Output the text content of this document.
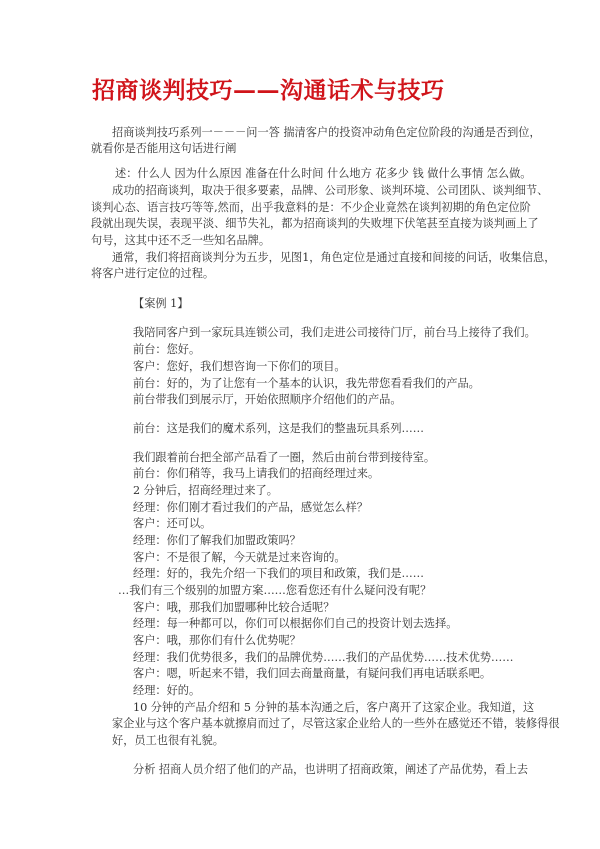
招商谈判技巧——沟通话术与技巧
招商谈判技巧系列一－－－问一答 揣清客户的投资冲动角色定位阶段的沟通是否到位，
就看你是否能用这句话进行阐
述：什么人 因为什么原因 准备在什么时间 什么地方 花多少 钱 做什么事情 怎么做。
成功的招商谈判，取决于很多要素，品牌、公司形象、谈判环境、公司团队、谈判细节、
谈判心态、语言技巧等等,然而，出乎我意料的是：不少企业竟然在谈判初期的角色定位阶
段就出现失误，表现平淡、细节失礼，都为招商谈判的失败埋下伏笔甚至直接为谈判画上了
句号，这其中还不乏一些知名品牌。
通常，我们将招商谈判分为五步，见图1，角色定位是通过直接和间接的问话，收集信息，
将客户进行定位的过程。
【案例 1】
我陪同客户到一家玩具连锁公司，我们走进公司接待门厅，前台马上接待了我们。
前台：您好。
客户：您好，我们想咨询一下你们的项目。
前台：好的，为了让您有一个基本的认识，我先带您看看我们的产品。
前台带我们到展示厅，开始依照顺序介绍他们的产品。
前台：这是我们的魔术系列，这是我们的整蛊玩具系列……
我们跟着前台把全部产品看了一圈，然后由前台带到接待室。
前台：你们稍等，我马上请我们的招商经理过来。
2 分钟后，招商经理过来了。
经理：你们刚才看过我们的产品，感觉怎么样？
客户：还可以。
经理：你们了解我们加盟政策吗？
客户：不是很了解，今天就是过来咨询的。
经理：好的，我先介绍一下我们的项目和政策，我们是……
…我们有三个级别的加盟方案……您看您还有什么疑问没有呢？
客户：哦，那我们加盟哪种比较合适呢？
经理：每一种都可以，你们可以根据你们自己的投资计划去选择。
客户：哦，那你们有什么优势呢？
经理：我们优势很多，我们的品牌优势……我们的产品优势……技术优势……
客户：嗯，听起来不错，我们回去商量商量，有疑问我们再电话联系吧。
经理：好的。
10 分钟的产品介绍和 5 分钟的基本沟通之后，客户离开了这家企业。我知道，这
家企业与这个客户基本就擦肩而过了，尽管这家企业给人的一些外在感觉还不错，装修得很
好，员工也很有礼貌。
分析 招商人员介绍了他们的产品，也讲明了招商政策，阐述了产品优势，看上去
